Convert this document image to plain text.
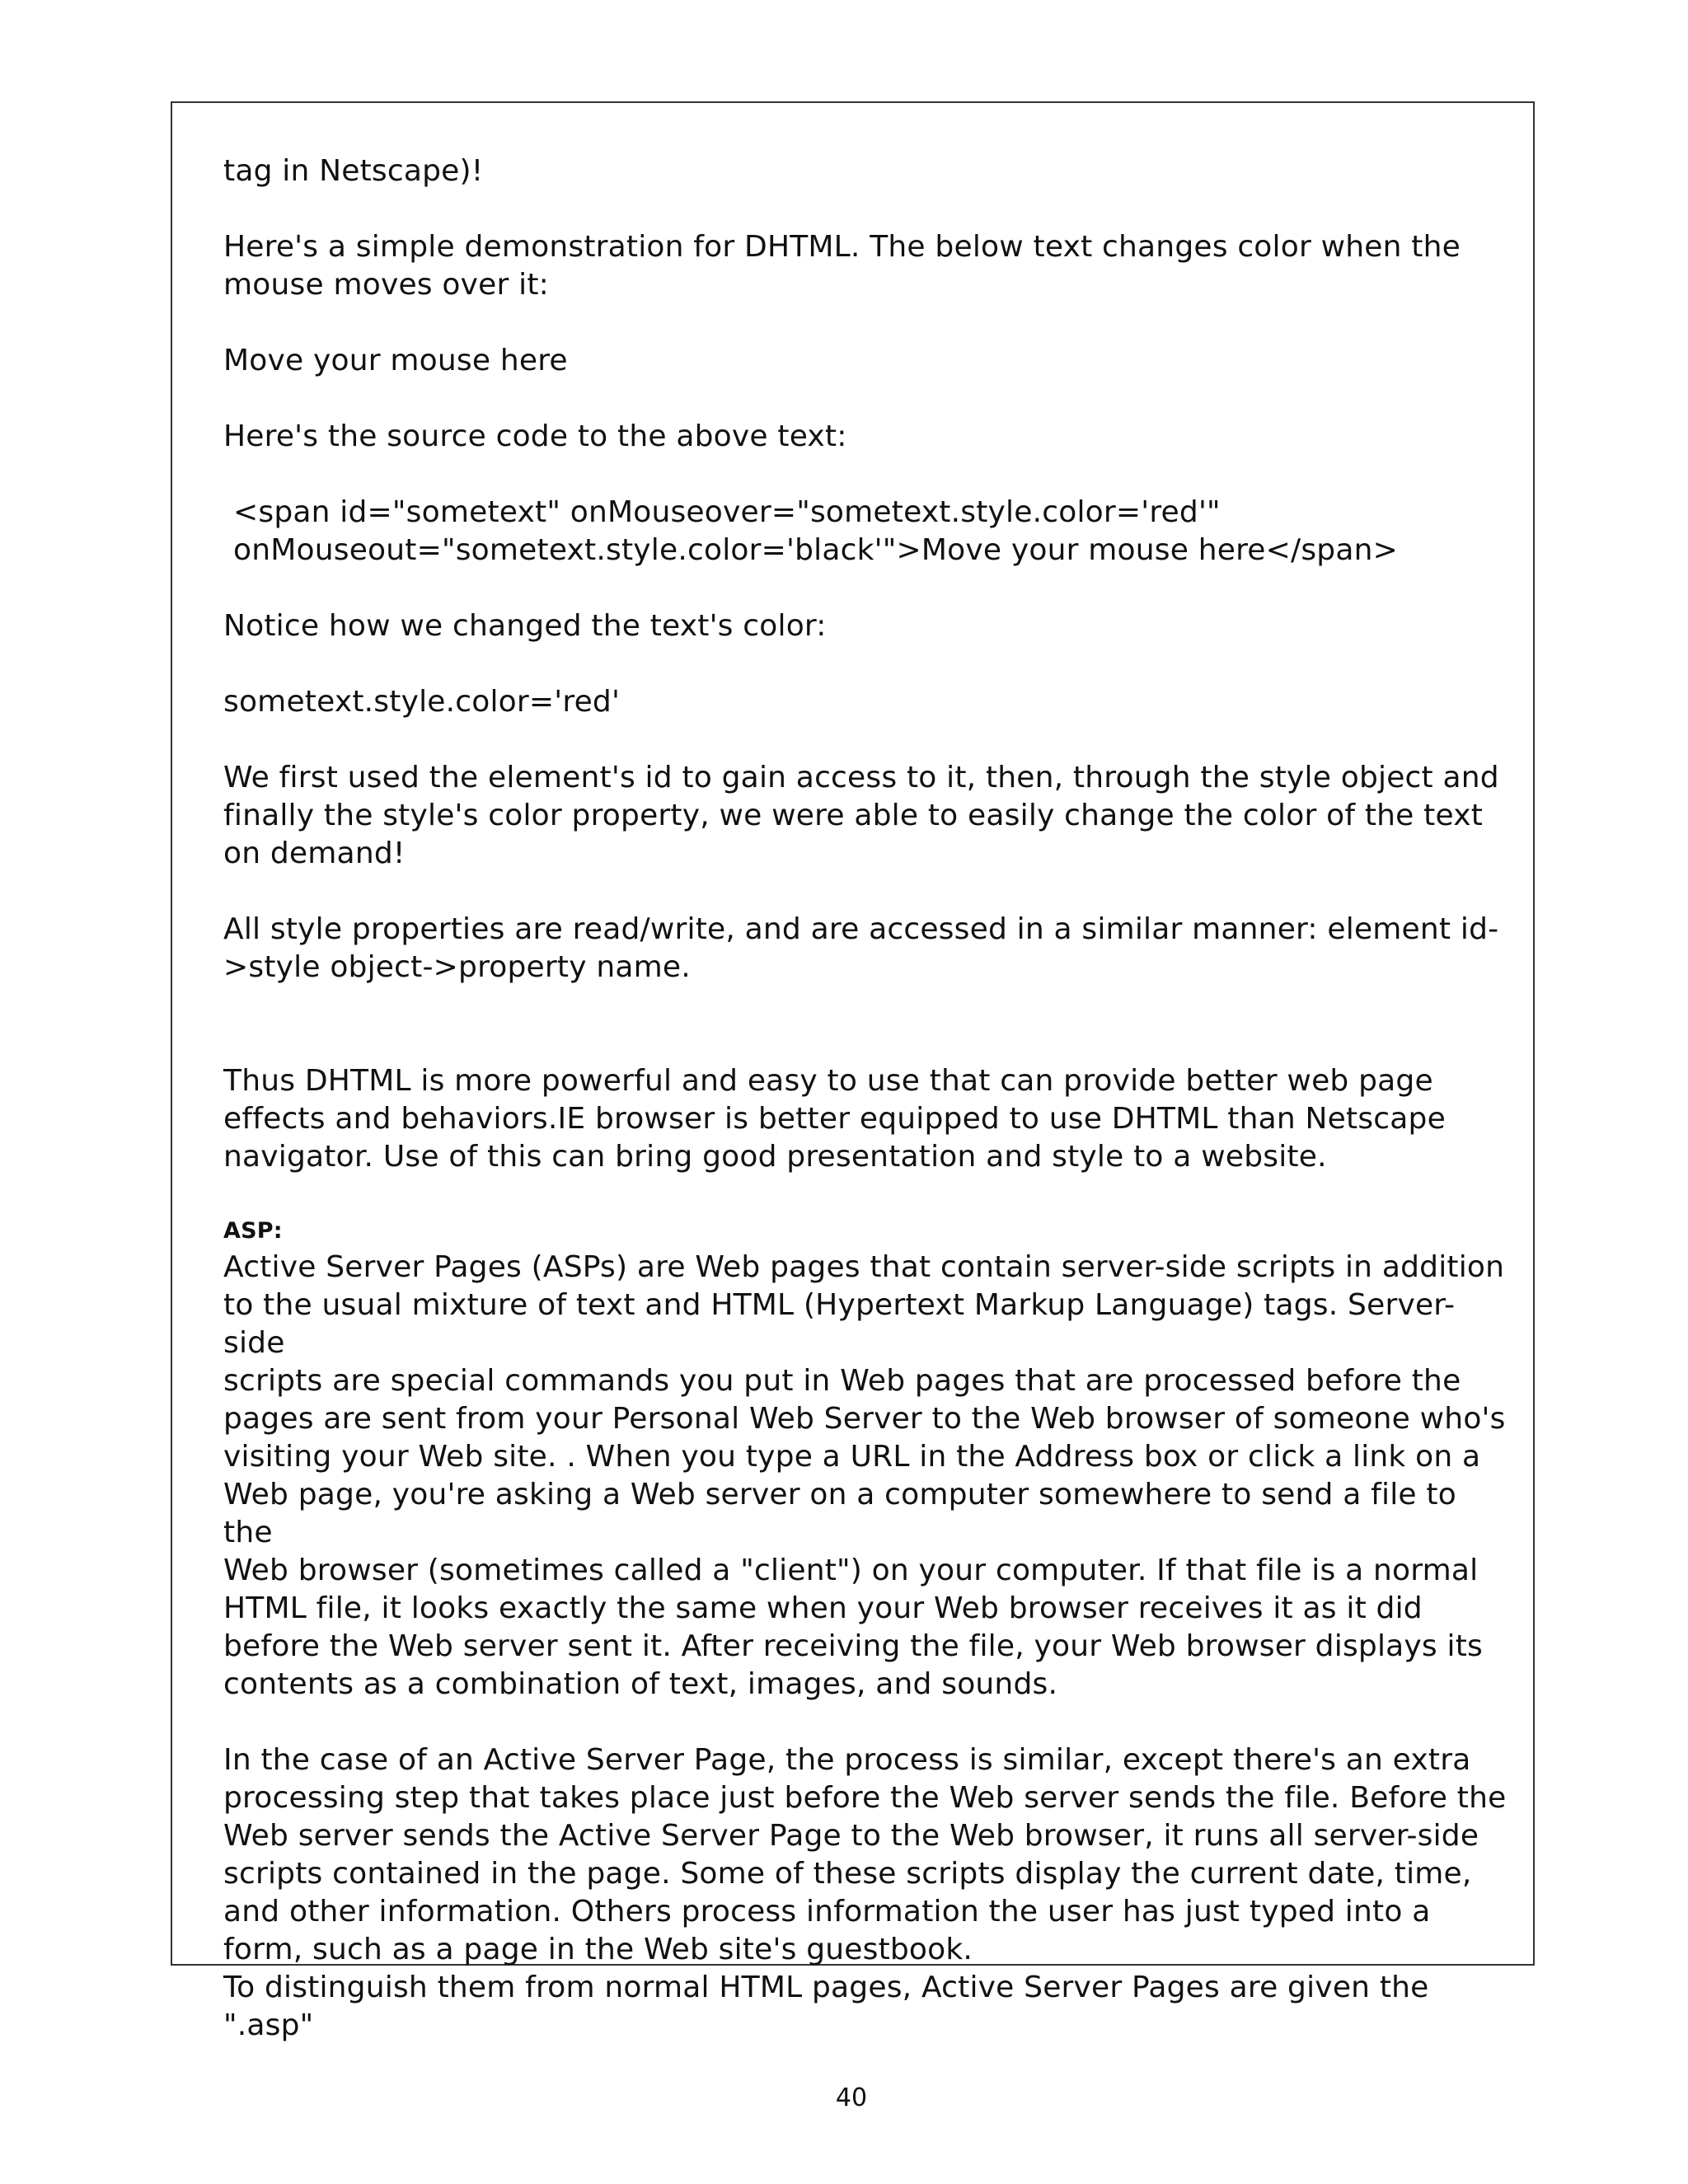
tag in Netscape)!

Here's a simple demonstration for DHTML. The below text changes color when the
mouse moves over it:

Move your mouse here

Here's the source code to the above text:

<span id="sometext" onMouseover="sometext.style.color='red'"
onMouseout="sometext.style.color='black'">Move your mouse here</span>

Notice how we changed the text's color:

sometext.style.color='red'

We first used the element's id to gain access to it, then, through the style object and
finally the style's color property, we were able to easily change the color of the text
on demand!

All style properties are read/write, and are accessed in a similar manner: element id-
>style object->property name.

Thus DHTML is more powerful and easy to use that can provide better web page
effects and behaviors.IE browser is better equipped to use DHTML than Netscape
navigator. Use of this can bring good presentation and style to a website.

ASP:

Active Server Pages (ASPs) are Web pages that contain server-side scripts in addition
to the usual mixture of text and HTML (Hypertext Markup Language) tags. Server-side
scripts are special commands you put in Web pages that are processed before the
pages are sent from your Personal Web Server to the Web browser of someone who's
visiting your Web site. . When you type a URL in the Address box or click a link on a
Web page, you're asking a Web server on a computer somewhere to send a file to the
Web browser (sometimes called a "client") on your computer. If that file is a normal
HTML file, it looks exactly the same when your Web browser receives it as it did
before the Web server sent it. After receiving the file, your Web browser displays its
contents as a combination of text, images, and sounds.

In the case of an Active Server Page, the process is similar, except there's an extra
processing step that takes place just before the Web server sends the file. Before the
Web server sends the Active Server Page to the Web browser, it runs all server-side
scripts contained in the page. Some of these scripts display the current date, time,
and other information. Others process information the user has just typed into a
form, such as a page in the Web site's guestbook.

To distinguish them from normal HTML pages, Active Server Pages are given the ".asp"

40
